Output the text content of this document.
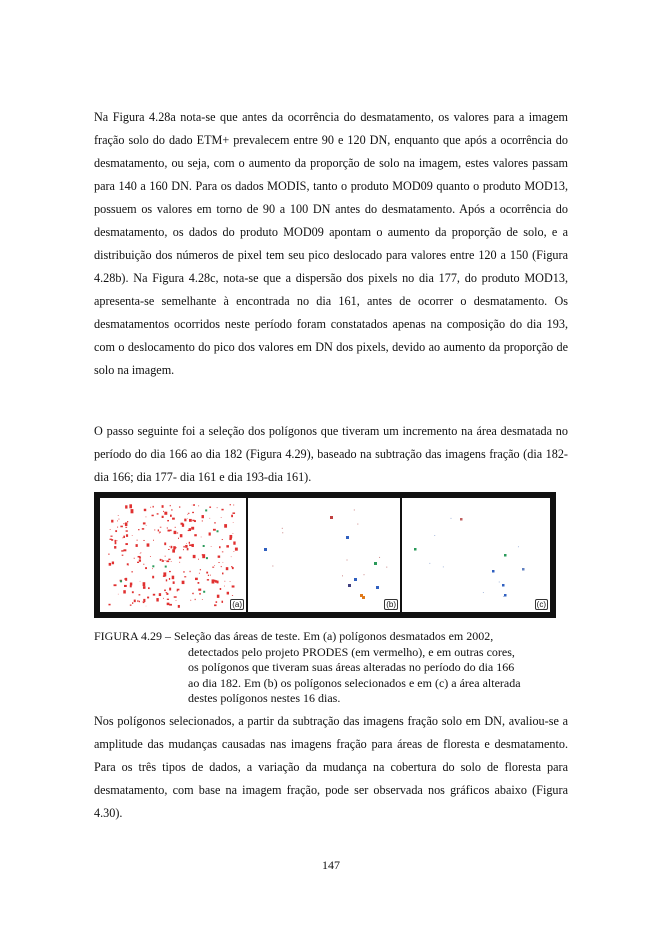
Na Figura 4.28a nota-se que antes da ocorrência do desmatamento, os valores para a imagem fração solo do dado ETM+ prevalecem entre 90 e 120 DN, enquanto que após a ocorrência do desmatamento, ou seja, com o aumento da proporção de solo na imagem, estes valores passam para 140 a 160 DN. Para os dados MODIS, tanto o produto MOD09 quanto o produto MOD13, possuem os valores em torno de 90 a 100 DN antes do desmatamento. Após a ocorrência do desmatamento, os dados do produto MOD09 apontam o aumento da proporção de solo, e a distribuição dos números de pixel tem seu pico deslocado para valores entre 120 a 150 (Figura 4.28b). Na Figura 4.28c, nota-se que a dispersão dos pixels no dia 177, do produto MOD13, apresenta-se semelhante à encontrada no dia 161, antes de ocorrer o desmatamento. Os desmatamentos ocorridos neste período foram constatados apenas na composição do dia 193, com o deslocamento do pico dos valores em DN dos pixels, devido ao aumento da proporção de solo na imagem.

O passo seguinte foi a seleção dos polígonos que tiveram um incremento na área desmatada no período do dia 166 ao dia 182 (Figura 4.29), baseado na subtração das imagens fração (dia 182- dia 166; dia 177- dia 161 e dia 193-dia 161).

(a)	(b)	(c)
FIGURA 4.29 – Seleção das áreas de teste. Em (a) polígonos desmatados em 2002,
detectados pelo projeto PRODES (em vermelho), e em outras cores,
os polígonos que tiveram suas áreas alteradas no período do dia 166
ao dia 182. Em (b) os polígonos selecionados e em (c) a área alterada
destes polígonos nestes 16 dias.

Nos polígonos selecionados, a partir da subtração das imagens fração solo em DN, avaliou-se a amplitude das mudanças causadas nas imagens fração para áreas de floresta e desmatamento. Para os três tipos de dados, a variação da mudança na cobertura do solo de floresta para desmatamento, com base na imagem fração, pode ser observada nos gráficos abaixo (Figura 4.30).

147
